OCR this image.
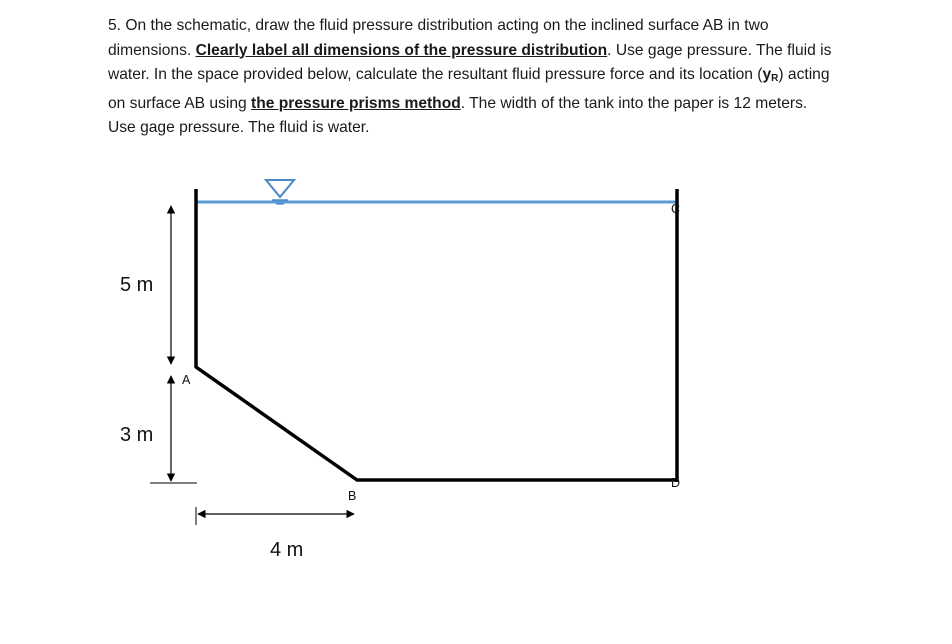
5. On the schematic, draw the fluid pressure distribution acting on the inclined surface AB in two dimensions. Clearly label all dimensions of the pressure distribution. Use gage pressure. The fluid is water. In the space provided below, calculate the resultant fluid pressure force and its location $(y_R)$ acting on surface AB using the pressure prisms method. The width of the tank into the paper is 12 meters. Use gage pressure. The fluid is water.

5 m
3 m
4 m
A
B
C
D
